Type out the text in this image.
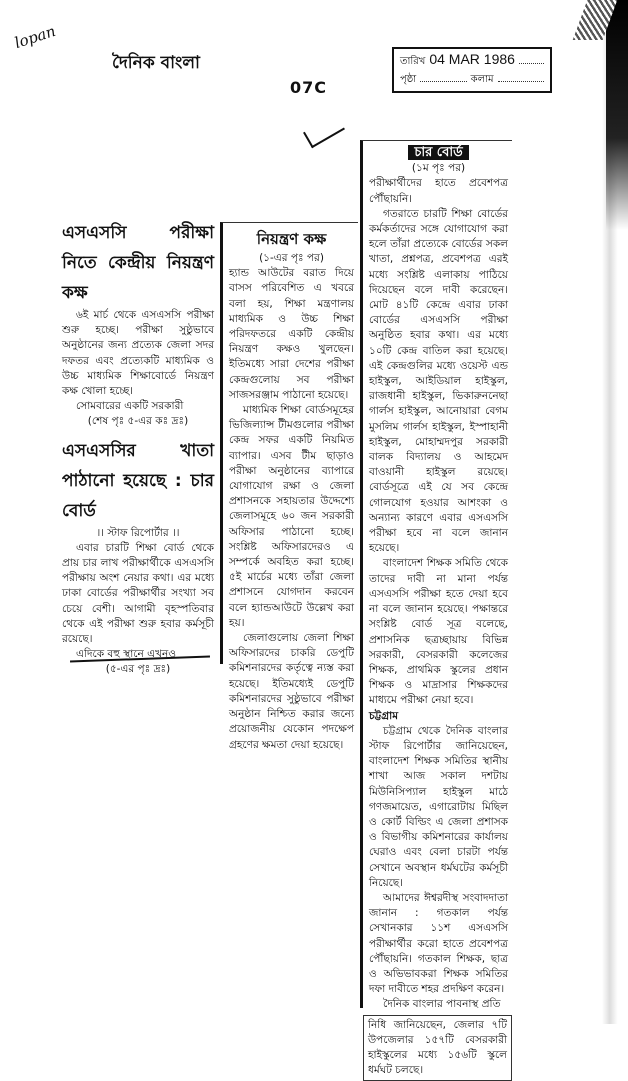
lopan
দৈনিক বাংলা
07C
তারিখ 04 MAR 1986
পৃষ্ঠা	কলাম
এসএসসি পরীক্ষা নিতে কেন্দ্রীয় নিয়ন্ত্রণ কক্ষ

৬ই মার্চ থেকে এসএসসি পরীক্ষা শুরু হচ্ছে। পরীক্ষা সুষ্ঠুভাবে অনুষ্ঠানের জন্য প্রত্যেক জেলা সদর দফতর এবং প্রত্যেকটি মাধ্যমিক ও উচ্চ মাধ্যমিক শিক্ষাবোর্ডে নিয়ন্ত্রণ কক্ষ খোলা হচ্ছে।

সোমবারের একটি সরকারী

(শেষ পৃঃ ৫-এর কঃ দ্রঃ)
এসএসসির খাতা পাঠানো হয়েছে : চার বোর্ড
।। স্টাফ রিপোর্টার ।।

এবার চারটি শিক্ষা বোর্ড থেকে প্রায় চার লাখ পরীক্ষার্থীকে এসএসসি পরীক্ষায় অংশ নেয়ার কথা। এর মধ্যে ঢাকা বোর্ডের পরীক্ষার্থীর সংখ্যা সব চেয়ে বেশী। আগামী বৃহস্পতিবার থেকে এই পরীক্ষা শুরু হবার কর্মসূচী রয়েছে।

এদিকে বহু স্থানে এখনও

(৫-এর পৃঃ দ্রঃ)
নিয়ন্ত্রণ কক্ষ
(১-এর পৃঃ পর)

হ্যান্ড আউটের বরাত দিয়ে বাসস পরিবেশিত এ খবরে বলা হয়, শিক্ষা মন্ত্রণালয় মাধ্যমিক ও উচ্চ শিক্ষা পরিদফতরে একটি কেন্দ্রীয় নিয়ন্ত্রণ কক্ষও খুলছেন। ইতিমধ্যে সারা দেশের পরীক্ষা কেন্দ্রগুলোয় সব পরীক্ষা সাজসরঞ্জাম পাঠানো হয়েছে।

মাধ্যমিক শিক্ষা বোর্ডসমূহের ভিজিল্যান্স টীমগুলোর পরীক্ষা কেন্দ্র সফর একটি নিয়মিত ব্যাপার। এসব টীম ছাড়াও পরীক্ষা অনুষ্ঠানের ব্যাপারে যোগাযোগ রক্ষা ও জেলা প্রশাসনকে সহায়তার উদ্দেশ্যে জেলাসমূহে ৬০ জন সরকারী অফিসার পাঠানো হচ্ছে। সংশ্লিষ্ট অফিসারদেরও এ সম্পর্কে অবহিত করা হচ্ছে। ৫ই মার্চের মধ্যে তাঁরা জেলা প্রশাসনে যোগদান করবেন বলে হ্যান্ডআউটে উল্লেখ করা হয়।

জেলাগুলোয় জেলা শিক্ষা অফিসারদের চাকরি ডেপুটি কমিশনারদের কর্তৃত্বে ন্যস্ত করা হয়েছে। ইতিমধ্যেই ডেপুটি কমিশনারদের সুষ্ঠুভাবে পরীক্ষা অনুষ্ঠান নিশ্চিত করার জন্যে প্রয়োজনীয় যেকোন পদক্ষেপ গ্রহণের ক্ষমতা দেয়া হয়েছে।

চার বোর্ড
(১ম পৃঃ পর)

পরীক্ষার্থীদের হাতে প্রবেশপত্র পৌঁছায়নি।

গতরাতে চারটি শিক্ষা বোর্ডের কর্মকর্তাদের সঙ্গে যোগাযোগ করা হলে তাঁরা প্রত্যেকে বোর্ডের সকল খাতা, প্রশ্নপত্র, প্রবেশপত্র এরই মধ্যে সংশ্লিষ্ট এলাকায় পাঠিয়ে দিয়েছেন বলে দাবী করেছেন। মোট ৪১টি কেন্দ্রে এবার ঢাকা বোর্ডের এসএসসি পরীক্ষা অনুষ্ঠিত হবার কথা। এর মধ্যে ১০টি কেন্দ্র বাতিল করা হয়েছে। এই কেন্দ্রগুলির মধ্যে ওয়েস্ট এন্ড হাইস্কুল, আইডিয়াল হাইস্কুল, রাজধানী হাইস্কুল, ভিকারুননেছা গার্লস হাইস্কুল, আনোয়ারা বেগম মুসলিম গার্লস হাইস্কুল, ইস্পাহানী হাইস্কুল, মোহাম্মদপুর সরকারী বালক বিদ্যালয় ও আহমেদ বাওয়ানী হাইস্কুল রয়েছে। বোর্ডসূত্রে এই যে সব কেন্দ্রে গোলযোগ হওয়ার আশংকা ও অন্যান্য কারণে এবার এসএসসি পরীক্ষা হবে না বলে জানান হয়েছে।

বাংলাদেশ শিক্ষক সমিতি থেকে তাদের দাবী না মানা পর্যন্ত এসএসসি পরীক্ষা হতে দেয়া হবে না বলে জানান হয়েছে। পক্ষান্তরে সংশ্লিষ্ট বোর্ড সূত্র বলেছে, প্রশাসনিক ছত্রচ্ছায়ায় বিভিন্ন সরকারী, বেসরকারী কলেজের শিক্ষক, প্রাথমিক স্কুলের প্রধান শিক্ষক ও মাদ্রাসার শিক্ষকদের মাধ্যমে পরীক্ষা নেয়া হবে।

চট্টগ্রাম

চট্টগ্রাম থেকে দৈনিক বাংলার স্টাফ রিপোর্টার জানিয়েছেন, বাংলাদেশ শিক্ষক সমিতির স্থানীয় শাখা আজ সকাল দশটায় মিউনিসিপ্যাল হাইস্কুল মাঠে গণজমায়েত, এগারোটায় মিছিল ও কোর্ট বিল্ডিং এ জেলা প্রশাসক ও বিভাগীয় কমিশনারের কার্যালয় ঘেরাও এবং বেলা চারটা পর্যন্ত সেখানে অবস্থান ধর্মঘটের কর্মসূচী নিয়েছে।

আমাদের ঈশ্বরদীস্থ সংবাদদাতা জানান : গতকাল পর্যন্ত সেখানকার ১১শ এসএসসি পরীক্ষার্থীর করো হাতে প্রবেশপত্র পৌঁছায়নি। গতকাল শিক্ষক, ছাত্র ও অভিভাবকরা শিক্ষক সমিতির দফা দাবীতে শহর প্রদক্ষিণ করেন।

দৈনিক বাংলার পাবনাস্থ প্রতি

নিধি জানিয়েছেন, জেলার ৭টি উপজেলার ১৫৭টি বেসরকারী হাইস্কুলের মধ্যে ১৫৬টি স্কুলে ধর্মঘট চলছে।
